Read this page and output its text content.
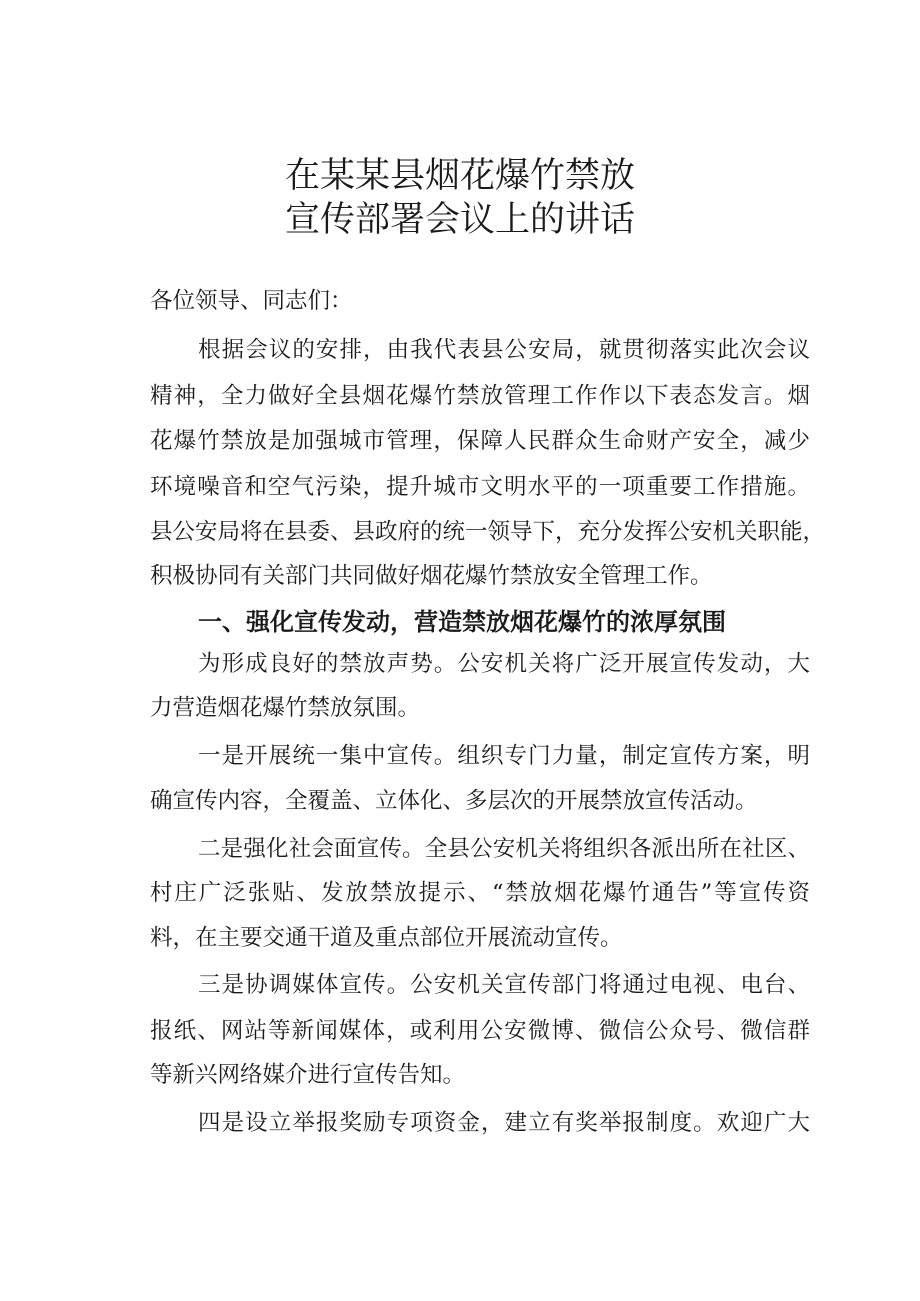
在某某县烟花爆竹禁放
宣传部署会议上的讲话
各位领导、同志们：
根据会议的安排，由我代表县公安局，就贯彻落实此次会议
精神，全力做好全县烟花爆竹禁放管理工作作以下表态发言。烟
花爆竹禁放是加强城市管理，保障人民群众生命财产安全，减少
环境噪音和空气污染，提升城市文明水平的一项重要工作措施。
县公安局将在县委、县政府的统一领导下，充分发挥公安机关职能，
积极协同有关部门共同做好烟花爆竹禁放安全管理工作。
一、强化宣传发动，营造禁放烟花爆竹的浓厚氛围
为形成良好的禁放声势。公安机关将广泛开展宣传发动，大
力营造烟花爆竹禁放氛围。
一是开展统一集中宣传。组织专门力量，制定宣传方案，明
确宣传内容，全覆盖、立体化、多层次的开展禁放宣传活动。
二是强化社会面宣传。全县公安机关将组织各派出所在社区、
村庄广泛张贴、发放禁放提示、“禁放烟花爆竹通告”等宣传资
料，在主要交通干道及重点部位开展流动宣传。
三是协调媒体宣传。公安机关宣传部门将通过电视、电台、
报纸、网站等新闻媒体，或利用公安微博、微信公众号、微信群
等新兴网络媒介进行宣传告知。
四是设立举报奖励专项资金，建立有奖举报制度。欢迎广大
